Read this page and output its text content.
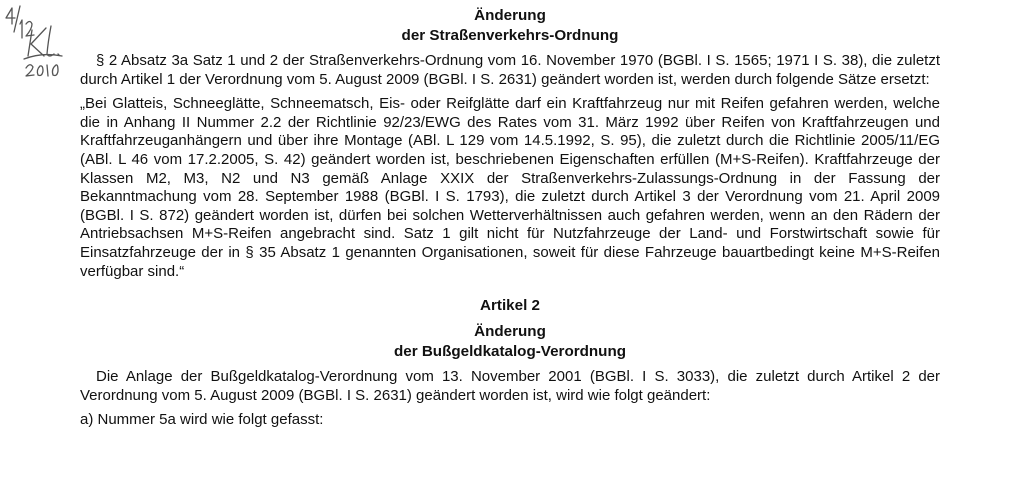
Änderung

der Straßenverkehrs-Ordnung

§ 2 Absatz 3a Satz 1 und 2 der Straßenverkehrs-Ordnung vom 16. November 1970 (BGBl. I S. 1565; 1971 I S. 38), die zuletzt durch Artikel 1 der Verordnung vom 5. August 2009 (BGBl. I S. 2631) geändert worden ist, werden durch folgende Sätze ersetzt:

„Bei Glatteis, Schneeglätte, Schneematsch, Eis- oder Reifglätte darf ein Kraftfahrzeug nur mit Reifen gefahren werden, welche die in Anhang II Nummer 2.2 der Richtlinie 92/23/EWG des Rates vom 31. März 1992 über Reifen von Kraftfahrzeugen und Kraftfahrzeuganhängern und über ihre Montage (ABl. L 129 vom 14.5.1992, S. 95), die zuletzt durch die Richtlinie 2005/11/EG (ABl. L 46 vom 17.2.2005, S. 42) geändert worden ist, beschriebenen Eigenschaften erfüllen (M+S-Reifen). Kraftfahrzeuge der Klassen M2, M3, N2 und N3 gemäß Anlage XXIX der Straßenverkehrs-Zulassungs-Ordnung in der Fassung der Bekanntmachung vom 28. September 1988 (BGBl. I S. 1793), die zuletzt durch Artikel 3 der Verordnung vom 21. April 2009 (BGBl. I S. 872) geändert worden ist, dürfen bei solchen Wetterverhältnissen auch gefahren werden, wenn an den Rädern der Antriebsachsen M+S-Reifen angebracht sind. Satz 1 gilt nicht für Nutzfahrzeuge der Land- und Forstwirtschaft sowie für Einsatzfahrzeuge der in § 35 Absatz 1 genannten Organisationen, soweit für diese Fahrzeuge bauartbedingt keine M+S-Reifen verfügbar sind.“

Artikel 2

Änderung

der Bußgeldkatalog-Verordnung

Die Anlage der Bußgeldkatalog-Verordnung vom 13. November 2001 (BGBl. I S. 3033), die zuletzt durch Artikel 2 der Verordnung vom 5. August 2009 (BGBl. I S. 2631) geändert worden ist, wird wie folgt geändert:

a) Nummer 5a wird wie folgt gefasst:
